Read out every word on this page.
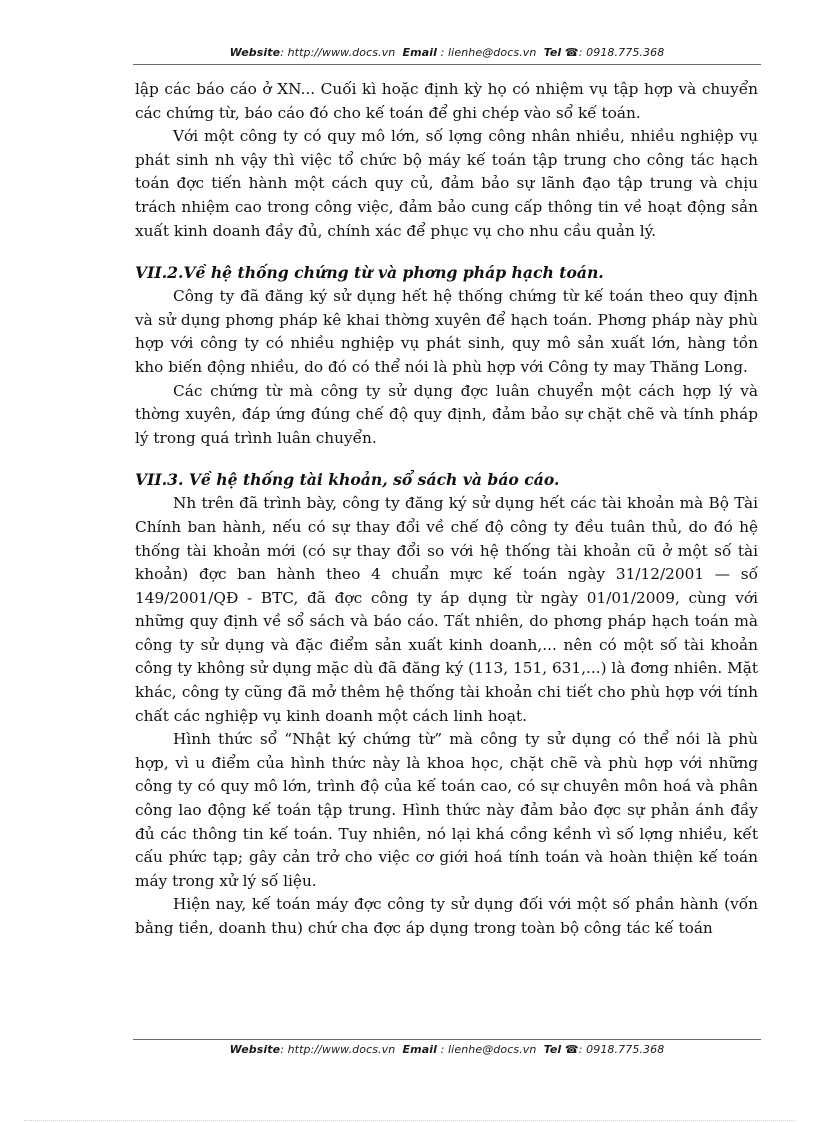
Website: http://www.docs.vn Email : lienhe@docs.vn Tel ☎: 0918.775.368

lập các báo cáo ở XN... Cuối kì hoặc định kỳ họ có nhiệm vụ tập hợp và chuyển các chứng từ, báo cáo đó cho kế toán để ghi chép vào sổ kế toán.

Với một công ty có quy mô lớn, số lợng công nhân nhiều, nhiều nghiệp vụ phát sinh nh vậy thì việc tổ chức bộ máy kế toán tập trung cho công tác hạch toán đợc tiến hành một cách quy củ, đảm bảo sự lãnh đạo tập trung và chịu trách nhiệm cao trong công việc, đảm bảo cung cấp thông tin về hoạt động sản xuất kinh doanh đầy đủ, chính xác để phục vụ cho nhu cầu quản lý.

VII.2.Về hệ thống chứng từ và phơng pháp hạch toán.

Công ty đã đăng ký sử dụng hết hệ thống chứng từ kế toán theo quy định và sử dụng phơng pháp kê khai thờng xuyên để hạch toán. Phơng pháp này phù hợp với công ty có nhiều nghiệp vụ phát sinh, quy mô sản xuất lớn, hàng tồn kho biến động nhiều, do đó có thể nói là phù hợp với Công ty may Thăng Long.

Các chứng từ mà công ty sử dụng đợc luân chuyển một cách hợp lý và thờng xuyên, đáp ứng đúng chế độ quy định, đảm bảo sự chặt chẽ và tính pháp lý trong quá trình luân chuyển.

VII.3. Về hệ thống tài khoản, sổ sách và báo cáo.

Nh trên đã trình bày, công ty đăng ký sử dụng hết các tài khoản mà Bộ Tài Chính ban hành, nếu có sự thay đổi về chế độ công ty đều tuân thủ, do đó hệ thống tài khoản mới (có sự thay đổi so với hệ thống tài khoản cũ ở một số tài khoản) đợc ban hành theo 4 chuẩn mực kế toán ngày 31/12/2001 — số 149/2001/QĐ - BTC, đã đợc công ty áp dụng từ ngày 01/01/2009, cùng với những quy định về sổ sách và báo cáo. Tất nhiên, do phơng pháp hạch toán mà công ty sử dụng và đặc điểm sản xuất kinh doanh,... nên có một số tài khoản công ty không sử dụng mặc dù đã đăng ký (113, 151, 631,...) là đơng nhiên. Mặt khác, công ty cũng đã mở thêm hệ thống tài khoản chi tiết cho phù hợp với tính chất các nghiệp vụ kinh doanh một cách linh hoạt.

Hình thức sổ “Nhật ký chứng từ” mà công ty sử dụng có thể nói là phù hợp, vì u điểm của hình thức này là khoa học, chặt chẽ và phù hợp với những công ty có quy mô lớn, trình độ của kế toán cao, có sự chuyên môn hoá và phân công lao động kế toán tập trung. Hình thức này đảm bảo đợc sự phản ánh đầy đủ các thông tin kế toán. Tuy nhiên, nó lại khá cồng kềnh vì số lợng nhiều, kết cấu phức tạp; gây cản trở cho việc cơ giới hoá tính toán và hoàn thiện kế toán máy trong xử lý số liệu.

Hiện nay, kế toán máy đợc công ty sử dụng đối với một số phần hành (vốn bằng tiền, doanh thu) chứ cha đợc áp dụng trong toàn bộ công tác kế toán

Website: http://www.docs.vn Email : lienhe@docs.vn Tel ☎: 0918.775.368
